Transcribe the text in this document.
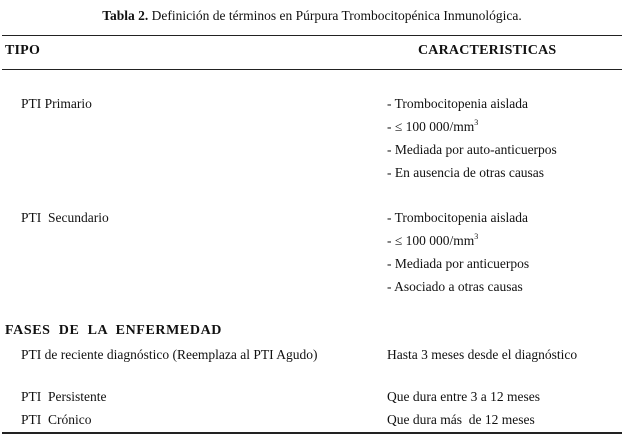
Tabla 2. Definición de términos en Púrpura Trombocitopénica Inmunológica.
TIPO	CARACTERISTICAS
PTI Primario	- Trombocitopenia aislada
- ≤ 100 $000/mm^3$
- Mediada por auto-anticuerpos
- En ausencia de otras causas
PTI  Secundario	- Trombocitopenia aislada
- ≤ 100 $000/mm^3$
- Mediada por anticuerpos
- Asociado a otras causas
FASES  DE  LA  ENFERMEDAD
PTI de reciente diagnóstico (Reemplaza al PTI Agudo)	Hasta 3 meses desde el diagnóstico
PTI  Persistente	Que dura entre 3 a 12 meses
PTI  Crónico	Que dura más  de 12 meses
